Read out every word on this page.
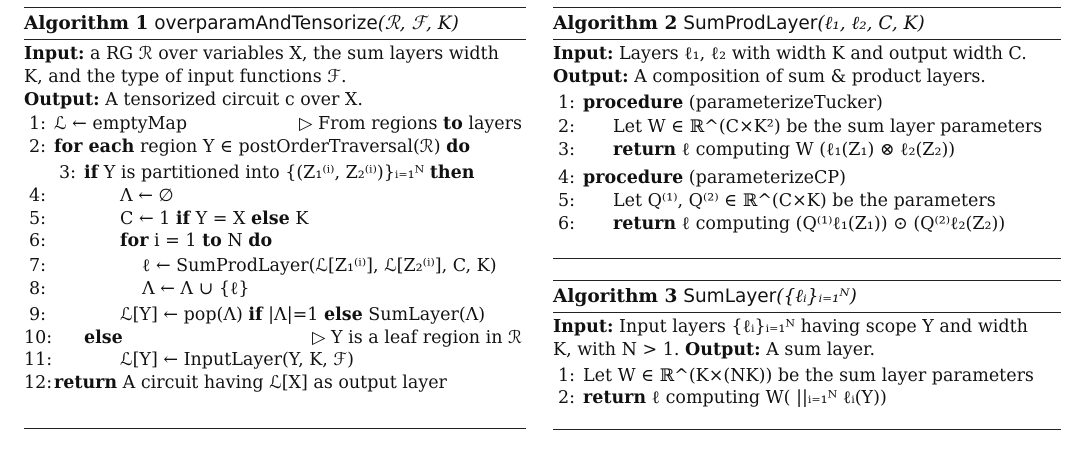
Algorithm 1 overparamAndTensorize(ℛ, ℱ, K)
Input: a RG ℛ over variables X, the sum layers width
K, and the type of input functions ℱ.
Output: A tensorized circuit c over X.
1: ℒ ← emptyMap	▷ From regions to layers
2: for each region Y ∈ postOrderTraversal(ℛ) do
3: if Y is partitioned into {(Z₁⁽ⁱ⁾, Z₂⁽ⁱ⁾)}ᵢ₌₁ᴺ then
4:	Λ ← ∅
5:	C ← 1 if Y = X else K
6:	for i = 1 to N do
7:	ℓ ← SumProdLayer(ℒ[Z₁⁽ⁱ⁾], ℒ[Z₂⁽ⁱ⁾], C, K)
8:	Λ ← Λ ∪ {ℓ}
9:	ℒ[Y] ← pop(Λ) if |Λ|=1 else SumLayer(Λ)
10: else	▷ Y is a leaf region in ℛ
11:	ℒ[Y] ← InputLayer(Y, K, ℱ)
12: return A circuit having ℒ[X] as output layer
Algorithm 2 SumProdLayer(ℓ₁, ℓ₂, C, K)
Input: Layers ℓ₁, ℓ₂ with width K and output width C.
Output: A composition of sum & product layers.
1: procedure (parameterizeTucker)
2: Let W ∈ ℝ^(C×K²) be the sum layer parameters
3: return ℓ computing W (ℓ₁(Z₁) ⊗ ℓ₂(Z₂))
4: procedure (parameterizeCP)
5: Let Q⁽¹⁾, Q⁽²⁾ ∈ ℝ^(C×K) be the parameters
6: return ℓ computing (Q⁽¹⁾ℓ₁(Z₁)) ⊙ (Q⁽²⁾ℓ₂(Z₂))
Algorithm 3 SumLayer({ℓᵢ}ᵢ₌₁ᴺ)
Input: Input layers {ℓᵢ}ᵢ₌₁ᴺ having scope Y and width
K, with N > 1. Output: A sum layer.
1: Let W ∈ ℝ^(K×(NK)) be the sum layer parameters
2: return ℓ computing W( ||ᵢ₌₁ᴺ ℓᵢ(Y))
